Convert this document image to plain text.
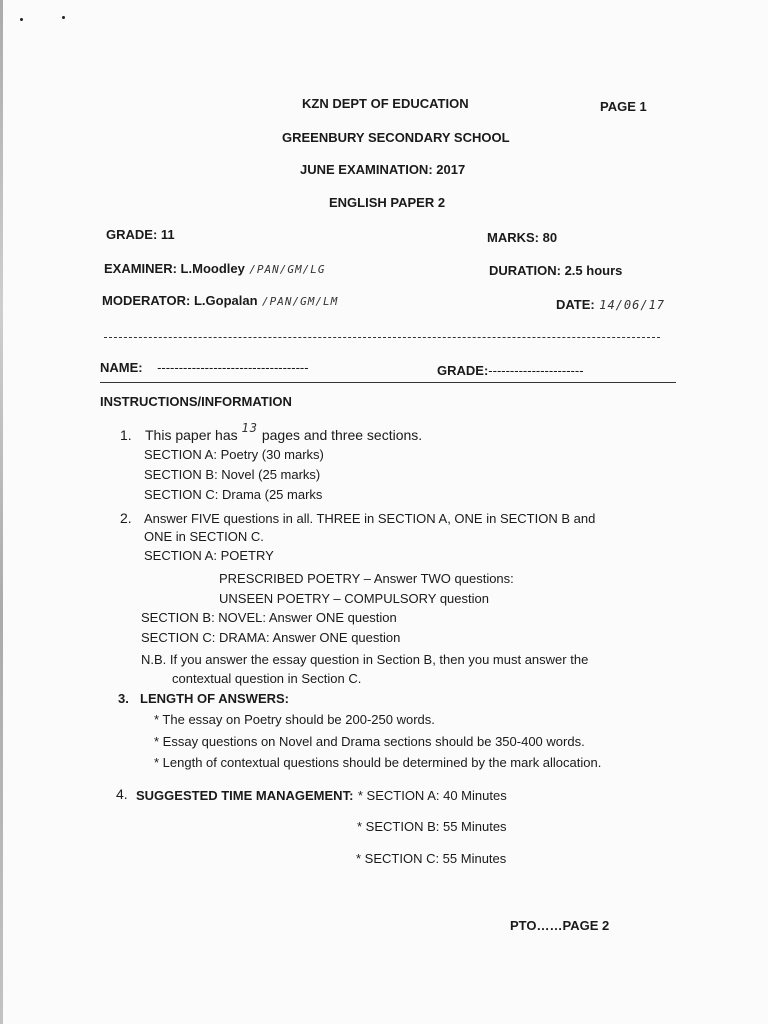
KZN DEPT OF EDUCATION	PAGE 1
GREENBURY SECONDARY SCHOOL
JUNE EXAMINATION: 2017
ENGLISH PAPER 2
GRADE: 11	MARKS: 80
EXAMINER: L.Moodley /PAN/GM/LG	DURATION: 2.5 hours
MODERATOR: L.Gopalan /PAN/GM/LM	DATE: 14/06/17
NAME: -----------------------------------	GRADE:----------------------
INSTRUCTIONS/INFORMATION
1. This paper has 13 pages and three sections.
SECTION A: Poetry (30 marks)
SECTION B: Novel (25 marks)
SECTION C: Drama (25 marks
2. Answer FIVE questions in all. THREE in SECTION A, ONE in SECTION B and
ONE in SECTION C.
SECTION A: POETRY
PRESCRIBED POETRY – Answer TWO questions:
UNSEEN POETRY – COMPULSORY question
SECTION B: NOVEL: Answer ONE question
SECTION C: DRAMA: Answer ONE question
N.B. If you answer the essay question in Section B, then you must answer the
contextual question in Section C.
3. LENGTH OF ANSWERS:
* The essay on Poetry should be 200-250 words.
* Essay questions on Novel and Drama sections should be 350-400 words.
* Length of contextual questions should be determined by the mark allocation.
4. SUGGESTED TIME MANAGEMENT: * SECTION A: 40 Minutes
* SECTION B: 55 Minutes
* SECTION C: 55 Minutes
PTO……PAGE 2
